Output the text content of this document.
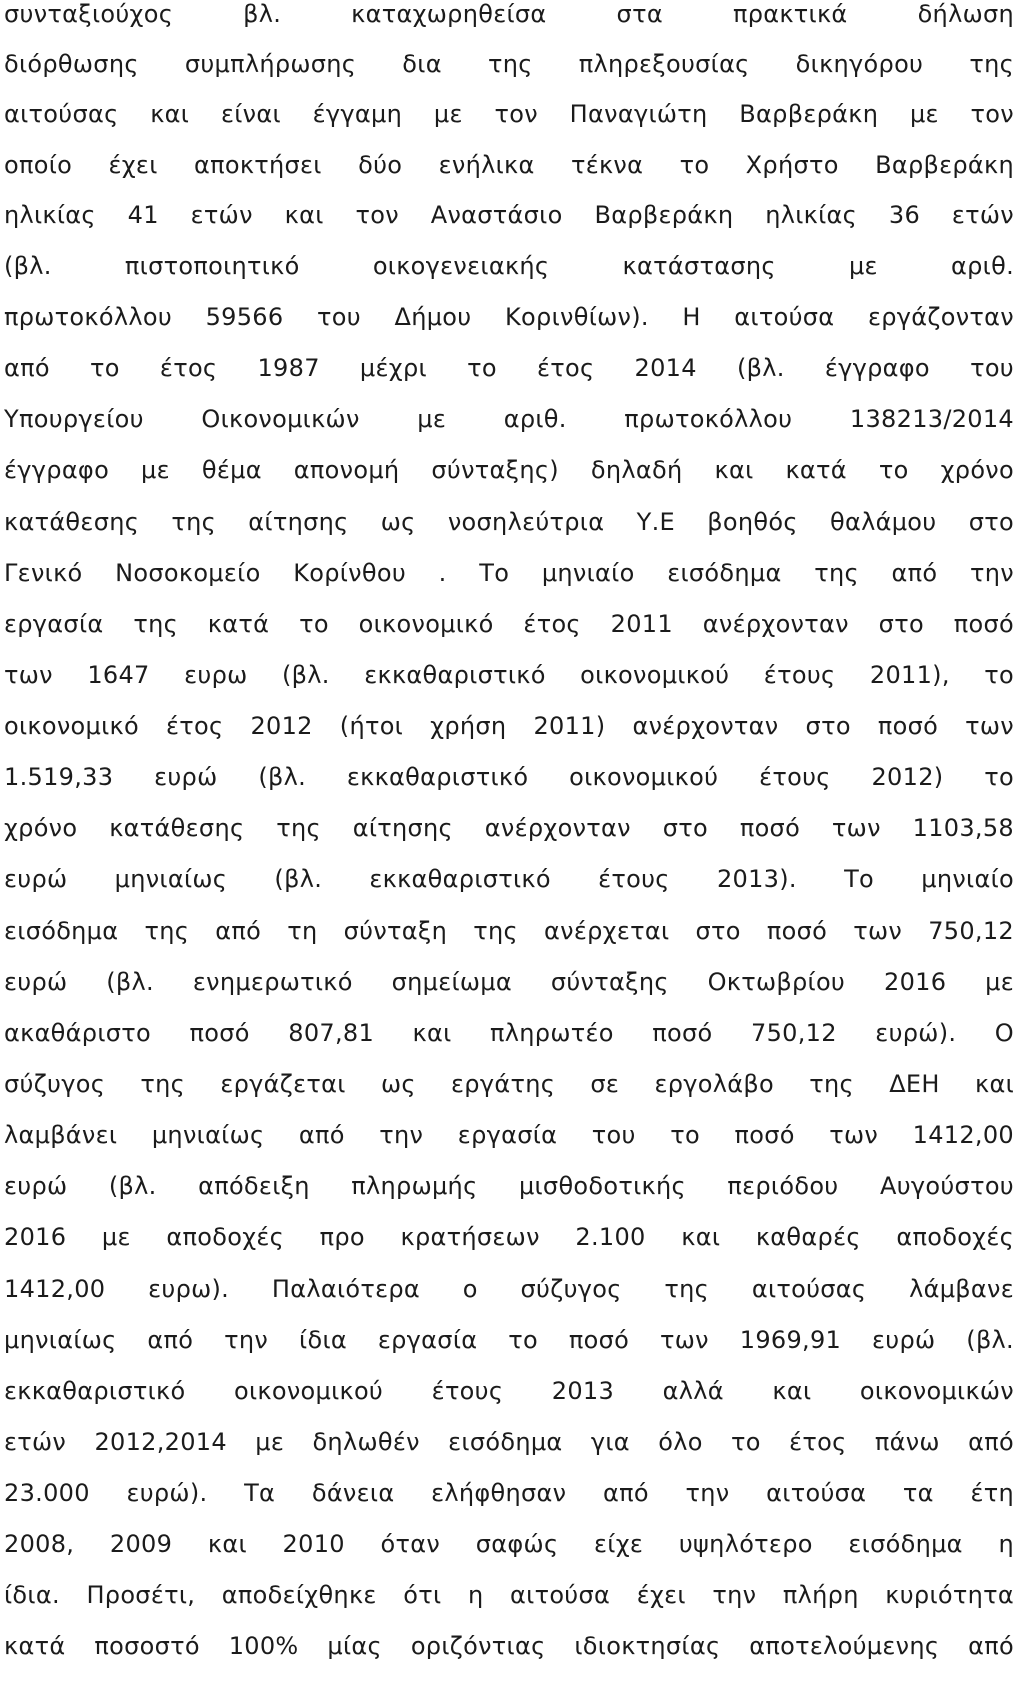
συνταξιούχος βλ. καταχωρηθείσα στα πρακτικά δήλωση
διόρθωσης συμπλήρωσης δια της πληρεξουσίας δικηγόρου της
αιτούσας και είναι έγγαμη με τον Παναγιώτη Βαρβεράκη με τον
οποίο έχει αποκτήσει δύο ενήλικα τέκνα το Χρήστο Βαρβεράκη
ηλικίας 41 ετών και τον Αναστάσιο Βαρβεράκη ηλικίας 36 ετών
(βλ. πιστοποιητικό οικογενειακής κατάστασης με αριθ.
πρωτοκόλλου 59566 του Δήμου Κορινθίων). Η αιτούσα εργάζονταν
από το έτος 1987 μέχρι το έτος 2014 (βλ. έγγραφο του
Υπουργείου Οικονομικών με αριθ. πρωτοκόλλου 138213/2014
έγγραφο με θέμα απονομή σύνταξης) δηλαδή και κατά το χρόνο
κατάθεσης της αίτησης ως νοσηλεύτρια Υ.Ε βοηθός θαλάμου στο
Γενικό Νοσοκομείο Κορίνθου . Το μηνιαίο εισόδημα της από την
εργασία της κατά το οικονομικό έτος 2011 ανέρχονταν στο ποσό
των 1647 ευρω (βλ. εκκαθαριστικό οικονομικού έτους 2011), το
οικονομικό έτος 2012 (ήτοι χρήση 2011) ανέρχονταν στο ποσό των
1.519,33 ευρώ (βλ. εκκαθαριστικό οικονομικού έτους 2012) το
χρόνο κατάθεσης της αίτησης ανέρχονταν στο ποσό των 1103,58
ευρώ μηνιαίως (βλ. εκκαθαριστικό έτους 2013). Το μηνιαίο
εισόδημα της από τη σύνταξη της ανέρχεται στο ποσό των 750,12
ευρώ (βλ. ενημερωτικό σημείωμα σύνταξης Οκτωβρίου 2016 με
ακαθάριστο ποσό 807,81 και πληρωτέο ποσό 750,12 ευρώ). Ο
σύζυγος της εργάζεται ως εργάτης σε εργολάβο της ΔΕΗ και
λαμβάνει μηνιαίως από την εργασία του το ποσό των 1412,00
ευρώ (βλ. απόδειξη πληρωμής μισθοδοτικής περιόδου Αυγούστου
2016 με αποδοχές προ κρατήσεων 2.100 και καθαρές αποδοχές
1412,00 ευρω). Παλαιότερα ο σύζυγος της αιτούσας λάμβανε
μηνιαίως από την ίδια εργασία το ποσό των 1969,91 ευρώ (βλ.
εκκαθαριστικό οικονομικού έτους 2013 αλλά και οικονομικών
ετών 2012,2014 με δηλωθέν εισόδημα για όλο το έτος πάνω από
23.000 ευρώ). Τα δάνεια ελήφθησαν από την αιτούσα τα έτη
2008, 2009 και 2010 όταν σαφώς είχε υψηλότερο εισόδημα η
ίδια. Προσέτι, αποδείχθηκε ότι η αιτούσα έχει την πλήρη κυριότητα
κατά ποσοστό 100% μίας οριζόντιας ιδιοκτησίας αποτελούμενης από
